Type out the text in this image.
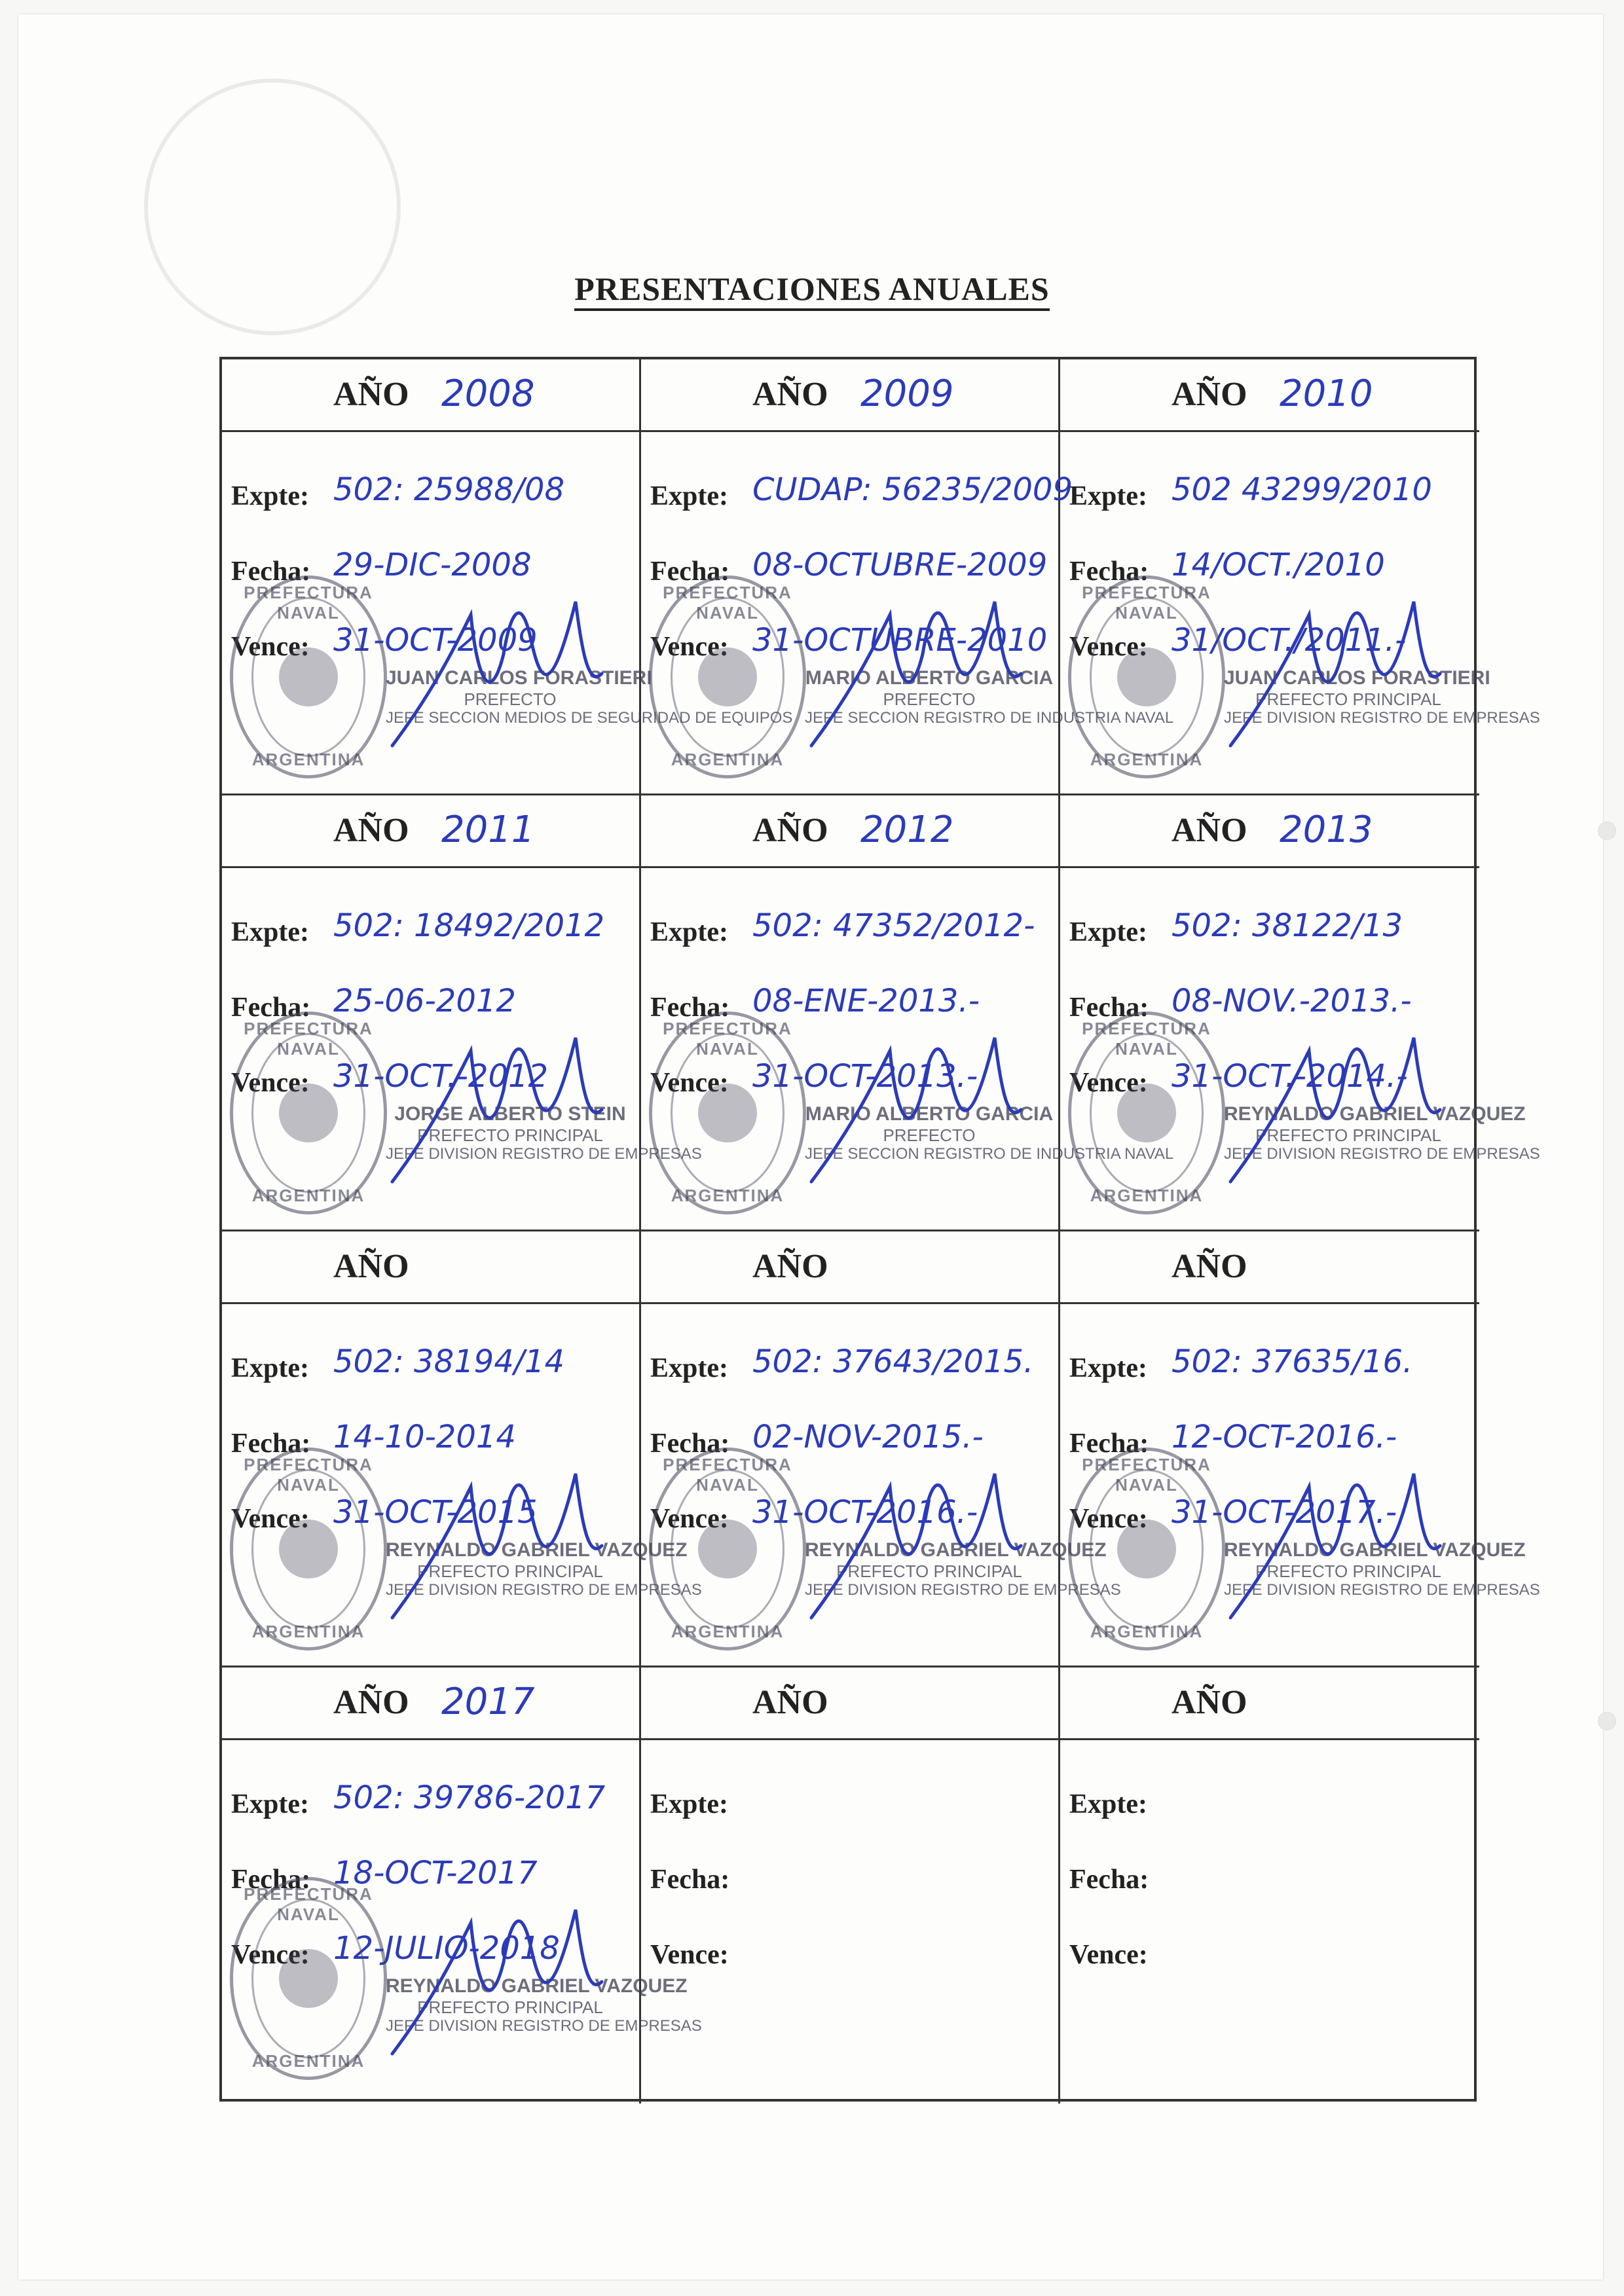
PRESENTACIONES ANUALES
AÑO 2008
Expte: 502: 25988/08
Fecha: 29-DIC-2008
Vence: 31-OCT-2009
PREFECTURA NAVAL
ARGENTINA
JUAN CARLOS FORASTIERI
PREFECTO
JEFE SECCION MEDIOS DE SEGURIDAD DE EQUIPOS
AÑO 2009
Expte: CUDAP: 56235/2009
Fecha: 08-OCTUBRE-2009
Vence: 31-OCTUBRE-2010
PREFECTURA NAVAL
ARGENTINA
MARIO ALBERTO GARCIA
PREFECTO
JEFE SECCION REGISTRO DE INDUSTRIA NAVAL
AÑO 2010
Expte: 502 43299/2010
Fecha: 14/OCT./2010
Vence: 31/OCT./2011.-
PREFECTURA NAVAL
ARGENTINA
JUAN CARLOS FORASTIERI
PREFECTO PRINCIPAL
JEFE DIVISION REGISTRO DE EMPRESAS
AÑO 2011
Expte: 502: 18492/2012
Fecha: 25-06-2012
Vence: 31-OCT.-2012
PREFECTURA NAVAL
ARGENTINA
JORGE ALBERTO STEIN
PREFECTO PRINCIPAL
JEFE DIVISION REGISTRO DE EMPRESAS
AÑO 2012
Expte: 502: 47352/2012-
Fecha: 08-ENE-2013.-
Vence: 31-OCT-2013.-
PREFECTURA NAVAL
ARGENTINA
MARIO ALBERTO GARCIA
PREFECTO
JEFE SECCION REGISTRO DE INDUSTRIA NAVAL
AÑO 2013
Expte: 502: 38122/13
Fecha: 08-NOV.-2013.-
Vence: 31-OCT.-2014.-
PREFECTURA NAVAL
ARGENTINA
REYNALDO GABRIEL VAZQUEZ
PREFECTO PRINCIPAL
JEFE DIVISION REGISTRO DE EMPRESAS
AÑO
Expte: 502: 38194/14
Fecha: 14-10-2014
Vence: 31-OCT-2015
PREFECTURA NAVAL
ARGENTINA
REYNALDO GABRIEL VAZQUEZ
PREFECTO PRINCIPAL
JEFE DIVISION REGISTRO DE EMPRESAS
AÑO
Expte: 502: 37643/2015.
Fecha: 02-NOV-2015.-
Vence: 31-OCT-2016.-
PREFECTURA NAVAL
ARGENTINA
REYNALDO GABRIEL VAZQUEZ
PREFECTO PRINCIPAL
JEFE DIVISION REGISTRO DE EMPRESAS
AÑO
Expte: 502: 37635/16.
Fecha: 12-OCT-2016.-
Vence: 31-OCT-2017.-
PREFECTURA NAVAL
ARGENTINA
REYNALDO GABRIEL VAZQUEZ
PREFECTO PRINCIPAL
JEFE DIVISION REGISTRO DE EMPRESAS
AÑO 2017
Expte: 502: 39786-2017
Fecha: 18-OCT-2017
Vence: 12-JULIO-2018
PREFECTURA NAVAL
ARGENTINA
REYNALDO GABRIEL VAZQUEZ
PREFECTO PRINCIPAL
JEFE DIVISION REGISTRO DE EMPRESAS
AÑO
Expte:
Fecha:
Vence:
AÑO
Expte:
Fecha:
Vence:
